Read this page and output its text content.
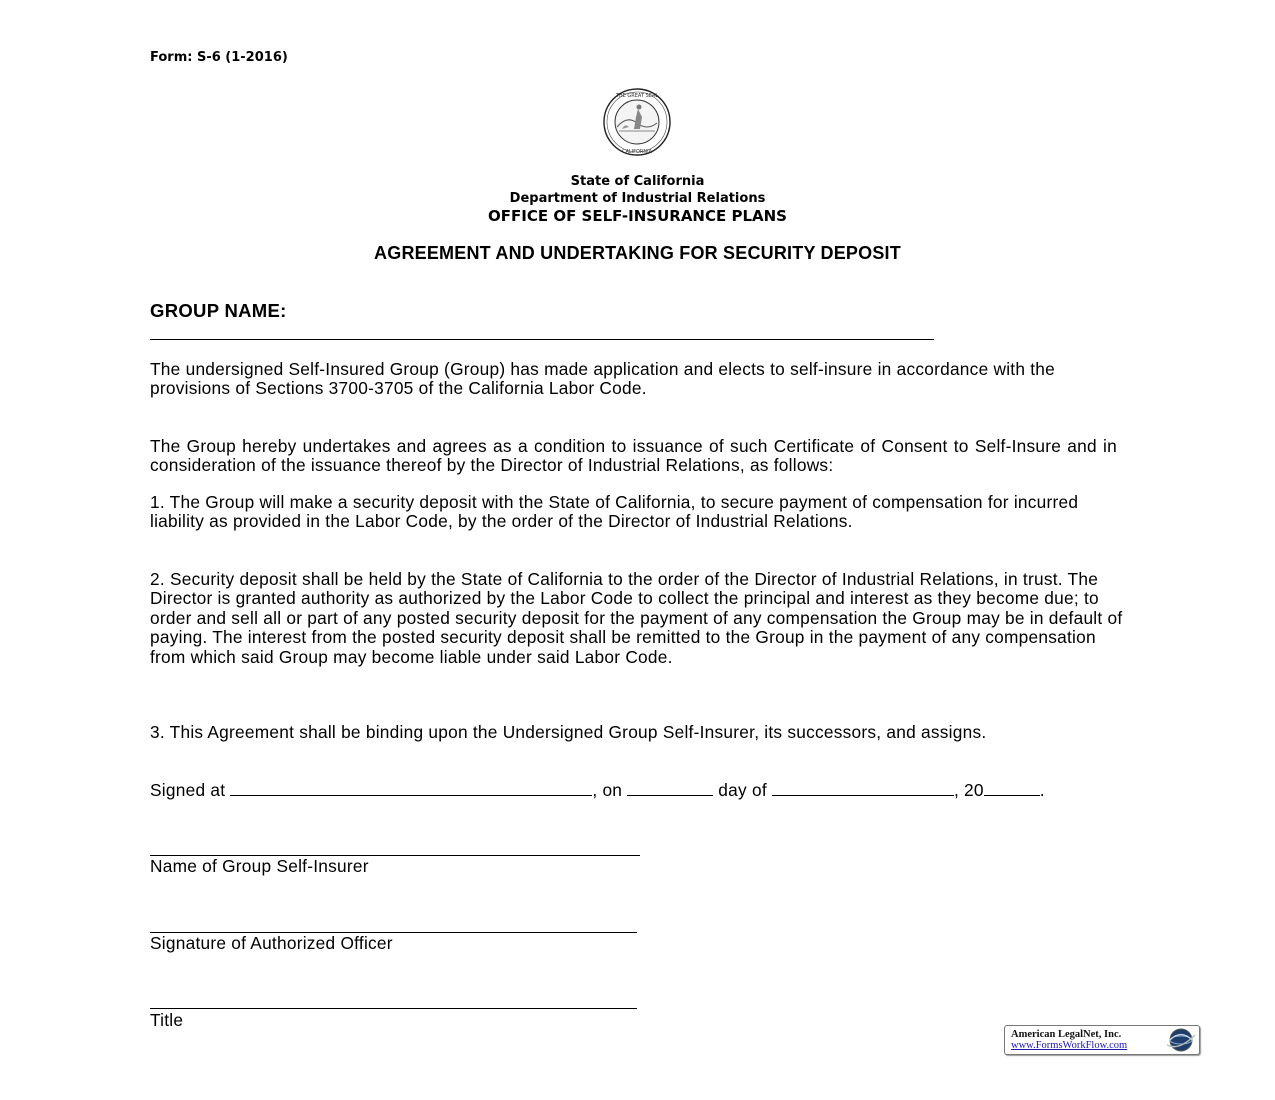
Form: S-6 (1-2016)
THE GREAT SEAL
CALIFORNIA
State of California
Department of Industrial Relations
OFFICE OF SELF-INSURANCE PLANS
AGREEMENT AND UNDERTAKING FOR SECURITY DEPOSIT
GROUP NAME:
The undersigned Self-Insured Group (Group) has made application and elects to self-insure in accordance with the provisions of Sections 3700-3705 of the California Labor Code.
The Group hereby undertakes and agrees as a condition to issuance of such Certificate of Consent to Self-Insure and in consideration of the issuance thereof by the Director of Industrial Relations, as follows:
1. The Group will make a security deposit with the State of California, to secure payment of compensation for incurred liability as provided in the Labor Code, by the order of the Director of Industrial Relations.
2. Security deposit shall be held by the State of California to the order of the Director of Industrial Relations, in trust. The Director is granted authority as authorized by the Labor Code to collect the principal and interest as they become due; to order and sell all or part of any posted security deposit for the payment of any compensation the Group may be in default of paying. The interest from the posted security deposit shall be remitted to the Group in the payment of any compensation from which said Group may become liable under said Labor Code.
3. This Agreement shall be binding upon the Undersigned Group Self-Insurer, its successors, and assigns.
Signed at	, on	day of	, 20	.
Name of Group Self-Insurer
Signature of Authorized Officer
Title
American LegalNet, Inc.
www.FormsWorkFlow.com
